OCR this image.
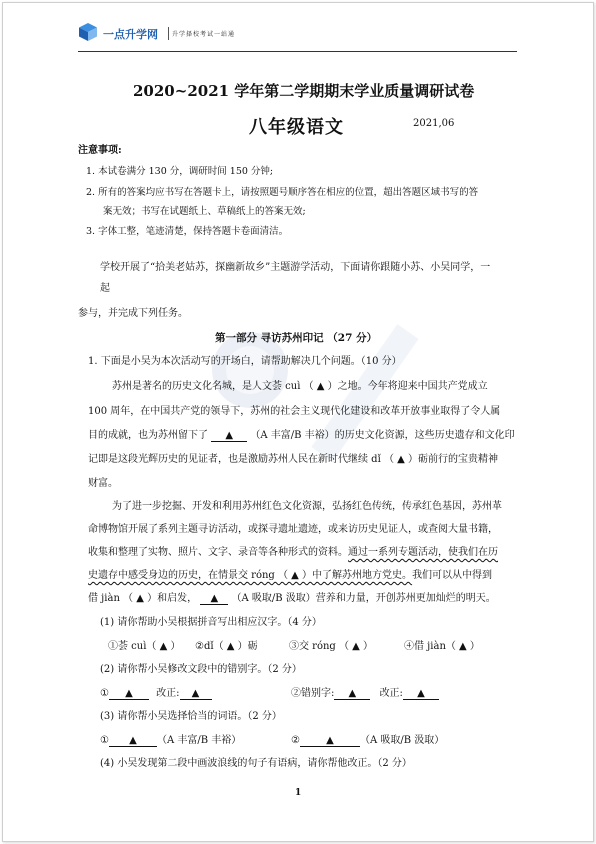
一点升学网 升学择校考试一站通
2020~2021 学年第二学期期末学业质量调研试卷
八年级语文	2021,06
注意事项:
1. 本试卷满分 130 分，调研时间 150 分钟;
2. 所有的答案均应书写在答题卡上，请按照题号顺序答在相应的位置，超出答题区域书写的答
案无效；书写在试题纸上、草稿纸上的答案无效;
3. 字体工整，笔迹清楚，保持答题卡卷面清洁。
学校开展了“拾美老姑苏，探幽新故乡”主题游学活动，下面请你跟随小苏、小吴同学，一
起
参与，并完成下列任务。
第一部分 寻访苏州印记 （27 分）
1. 下面是小吴为本次活动写的开场白，请帮助解决几个问题。（10 分）
苏州是著名的历史文化名城，是人文荟 cuì （ ▲ ）之地。今年将迎来中国共产党成立
100 周年，在中国共产党的领导下，苏州的社会主义现代化建设和改革开放事业取得了令人属
目的成就，也为苏州留下了 ▲ （A 丰富/B 丰裕）的历史文化资源，这些历史遗存和文化印
记即是这段光辉历史的见证者，也是激励苏州人民在新时代继续 dǐ （ ▲ ）砺前行的宝贵精神
财富。
为了进一步挖掘、开发和利用苏州红色文化资源，弘扬红色传统，传承红色基因，苏州革
命博物馆开展了系列主题寻访活动，或探寻遗址遗迹，或来访历史见证人，或查阅大量书籍，
收集和整理了实物、照片、文字、录音等各种形式的资料。通过一系列专题活动，使我们在历
史遗存中感受身边的历史，在情景交 róng （ ▲ ）中了解苏州地方党史。我们可以从中得到
借 jiàn （ ▲ ）和启发， ▲ （A 吸取/B 汲取）营养和力量，开创苏州更加灿烂的明天。
(1) 请你帮助小吴根据拼音写出相应汉字。（4 分）
①荟 cuì（ ▲ ） ②dǐ（ ▲ ）砺	③交 róng （ ▲ ）	④借 jiàn（ ▲ ）
(2) 请你帮小吴修改文段中的错别字。（2 分）
① ▲ 改正: ▲	②错别字: ▲ 改正: ▲
(3) 请你帮小吴选择恰当的词语。（2 分）
① ▲ （A 丰富/B 丰裕）	②	▲	（A 吸取/B 汲取）
(4) 小吴发现第二段中画波浪线的句子有语病，请你帮他改正。（2 分）
1
